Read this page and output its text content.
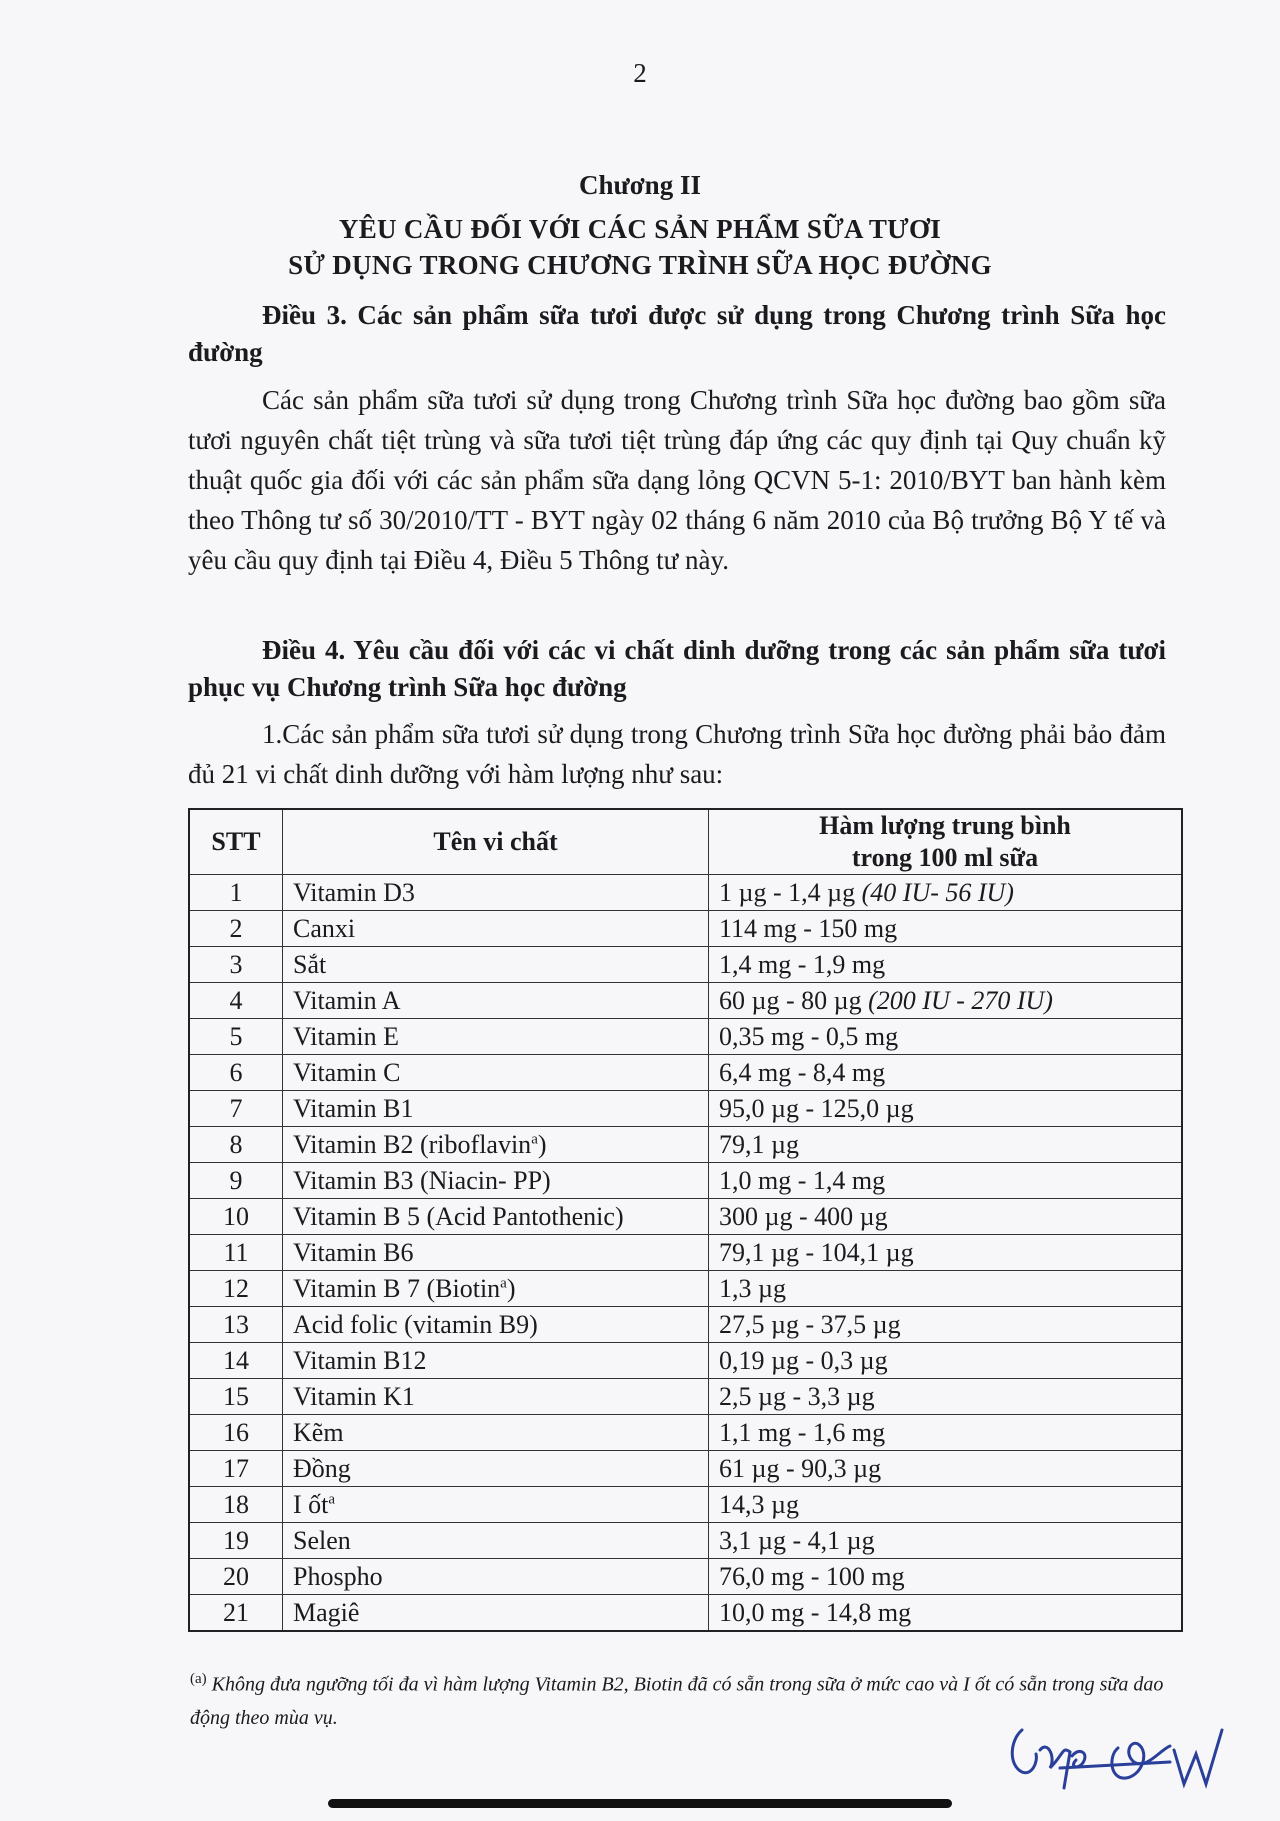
2
Chương II
YÊU CẦU ĐỐI VỚI CÁC SẢN PHẨM SỮA TƯƠI
SỬ DỤNG TRONG CHƯƠNG TRÌNH SỮA HỌC ĐƯỜNG
Điều 3. Các sản phẩm sữa tươi được sử dụng trong Chương trình Sữa học đường
Các sản phẩm sữa tươi sử dụng trong Chương trình Sữa học đường bao gồm sữa tươi nguyên chất tiệt trùng và sữa tươi tiệt trùng đáp ứng các quy định tại Quy chuẩn kỹ thuật quốc gia đối với các sản phẩm sữa dạng lỏng QCVN 5-1: 2010/BYT ban hành kèm theo Thông tư số 30/2010/TT - BYT ngày 02 tháng 6 năm 2010 của Bộ trưởng Bộ Y tế và yêu cầu quy định tại Điều 4, Điều 5 Thông tư này.
Điều 4. Yêu cầu đối với các vi chất dinh dưỡng trong các sản phẩm sữa tươi phục vụ Chương trình Sữa học đường
1.Các sản phẩm sữa tươi sử dụng trong Chương trình Sữa học đường phải bảo đảm đủ 21 vi chất dinh dưỡng với hàm lượng như sau:
STT	Tên vi chất	Hàm lượng trung bình
trong 100 ml sữa

1	Vitamin D3	1 µg - 1,4 µg (40 IU- 56 IU)
2	Canxi	114 mg - 150 mg
3	Sắt	1,4 mg - 1,9 mg
4	Vitamin A	60 µg - 80 µg (200 IU - 270 IU)
5	Vitamin E	0,35 mg - 0,5 mg
6	Vitamin C	6,4 mg - 8,4 mg
7	Vitamin B1	95,0 µg - 125,0 µg
8	Vitamin B2 (riboflavin$^a$)	79,1 µg
9	Vitamin B3 (Niacin- PP)	1,0 mg - 1,4 mg
10	Vitamin B 5 (Acid Pantothenic)	300 µg - 400 µg
11	Vitamin B6	79,1 µg - 104,1 µg
12	Vitamin B 7 (Biotin$^a$)	1,3 µg
13	Acid folic (vitamin B9)	27,5 µg - 37,5 µg
14	Vitamin B12	0,19 µg - 0,3 µg
15	Vitamin K1	2,5 µg - 3,3 µg
16	Kẽm	1,1 mg - 1,6 mg
17	Đồng	61 µg - 90,3 µg
18	I ốt$^a$	14,3 µg
19	Selen	3,1 µg - 4,1 µg
20	Phospho	76,0 mg - 100 mg
21	Magiê	10,0 mg - 14,8 mg
$^{(a)}$ Không đưa ngưỡng tối đa vì hàm lượng Vitamin B2, Biotin đã có sẵn trong sữa ở mức cao và I ốt có sẵn trong sữa dao động theo mùa vụ.
